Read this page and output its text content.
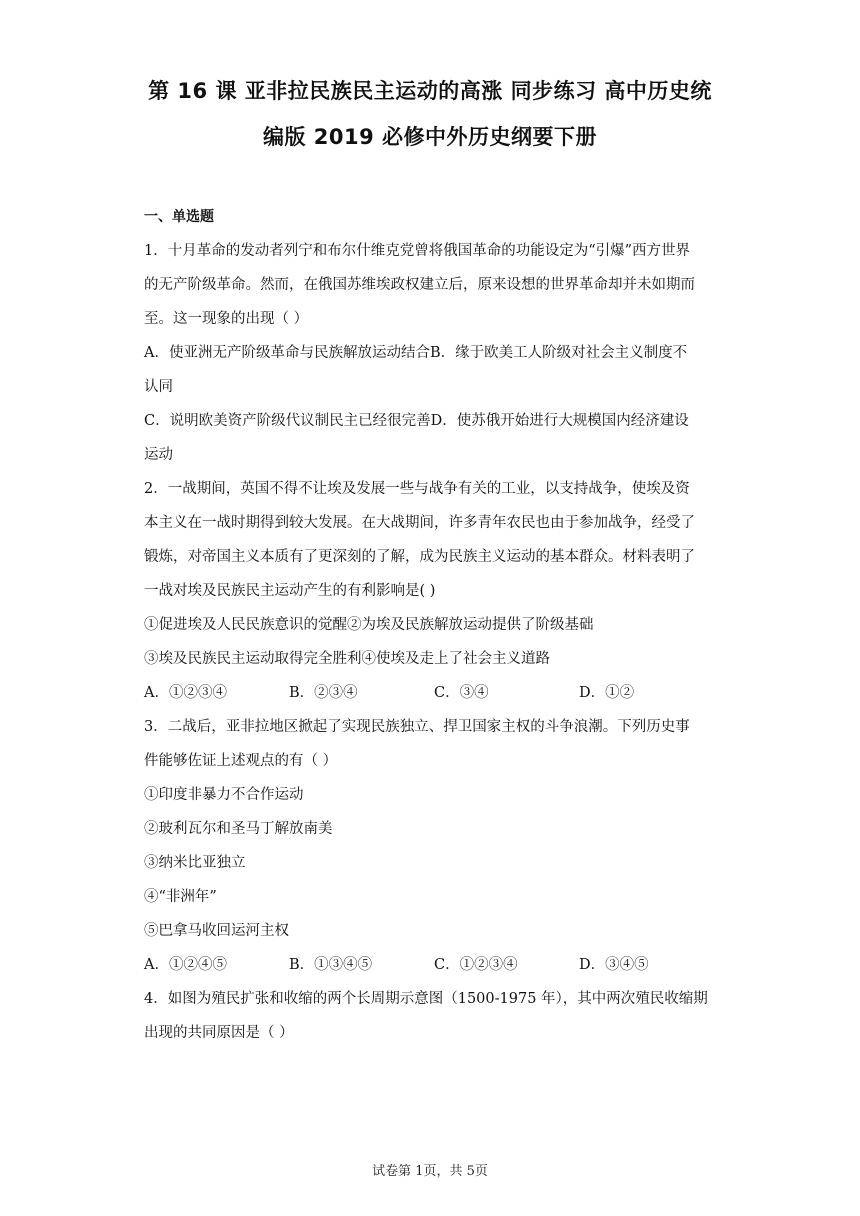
第 16 课 亚非拉民族民主运动的高涨 同步练习 高中历史统
编版 2019 必修中外历史纲要下册

一、单选题

1．十月革命的发动者列宁和布尔什维克党曾将俄国革命的功能设定为“引爆”西方世界

的无产阶级革命。然而，在俄国苏维埃政权建立后，原来设想的世界革命却并未如期而

至。这一现象的出现（ ）

A．使亚洲无产阶级革命与民族解放运动结合B．缘于欧美工人阶级对社会主义制度不

认同

C．说明欧美资产阶级代议制民主已经很完善D．使苏俄开始进行大规模国内经济建设

运动

2．一战期间，英国不得不让埃及发展一些与战争有关的工业，以支持战争，使埃及资

本主义在一战时期得到较大发展。在大战期间，许多青年农民也由于参加战争，经受了

锻炼，对帝国主义本质有了更深刻的了解，成为民族主义运动的基本群众。材料表明了

一战对埃及民族民主运动产生的有利影响是( )

①促进埃及人民民族意识的觉醒②为埃及民族解放运动提供了阶级基础

③埃及民族民主运动取得完全胜利④使埃及走上了社会主义道路

A．①②③④	B．②③④	C．③④	D．①②

3．二战后，亚非拉地区掀起了实现民族独立、捍卫国家主权的斗争浪潮。下列历史事

件能够佐证上述观点的有（ ）

①印度非暴力不合作运动

②玻利瓦尔和圣马丁解放南美

③纳米比亚独立

④“非洲年”

⑤巴拿马收回运河主权

A．①②④⑤	B．①③④⑤	C．①②③④	D．③④⑤

4．如图为殖民扩张和收缩的两个长周期示意图（1500-1975 年），其中两次殖民收缩期

出现的共同原因是（ ）

试卷第 1页，共 5页
